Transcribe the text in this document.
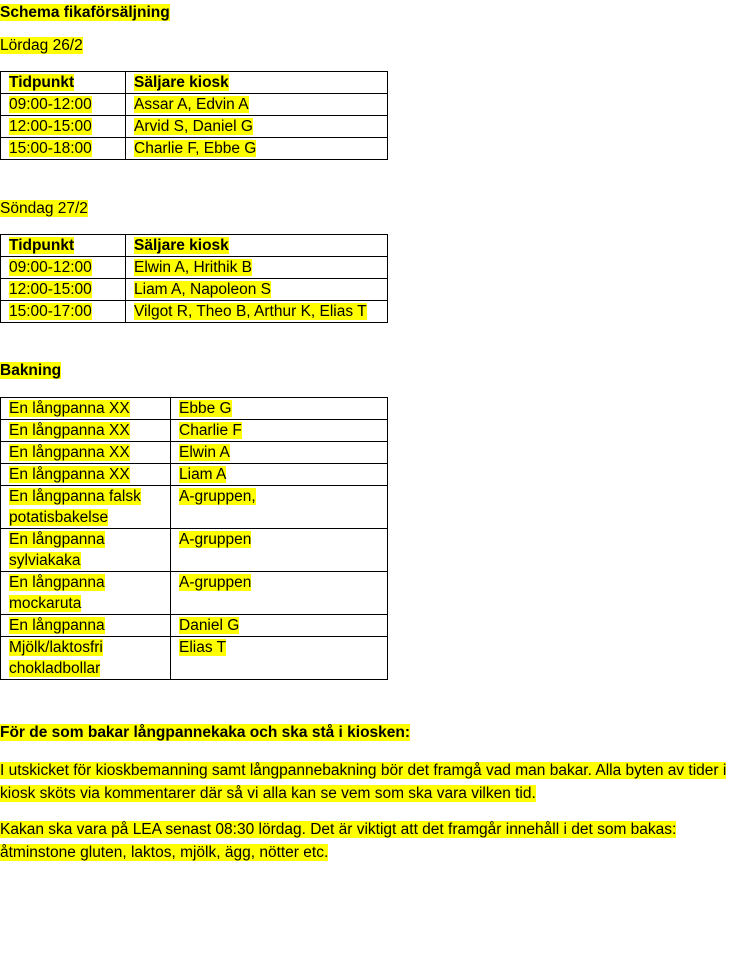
Schema fikaförsäljning
Lördag 26/2
Tidpunkt	Säljare kiosk
09:00-12:00	Assar A, Edvin A
12:00-15:00	Arvid S, Daniel G
15:00-18:00	Charlie F, Ebbe G
Söndag 27/2
Tidpunkt	Säljare kiosk
09:00-12:00	Elwin A, Hrithik B
12:00-15:00	Liam A, Napoleon S
15:00-17:00	Vilgot R, Theo B, Arthur K, Elias T
Bakning
En långpanna XX	Ebbe G
En långpanna XX	Charlie F
En långpanna XX	Elwin A
En långpanna XX	Liam A
En långpanna falsk potatisbakelse	A-gruppen,
En långpanna sylviakaka	A-gruppen
En långpanna mockaruta	A-gruppen
En långpanna	Daniel G
Mjölk/laktosfri chokladbollar	Elias T
För de som bakar långpannekaka och ska stå i kiosken:

I utskicket för kioskbemanning samt långpannebakning bör det framgå vad man bakar. Alla byten av tider i kiosk sköts via kommentarer där så vi alla kan se vem som ska vara vilken tid.

Kakan ska vara på LEA senast 08:30 lördag. Det är viktigt att det framgår innehåll i det som bakas: åtminstone gluten, laktos, mjölk, ägg, nötter etc.
